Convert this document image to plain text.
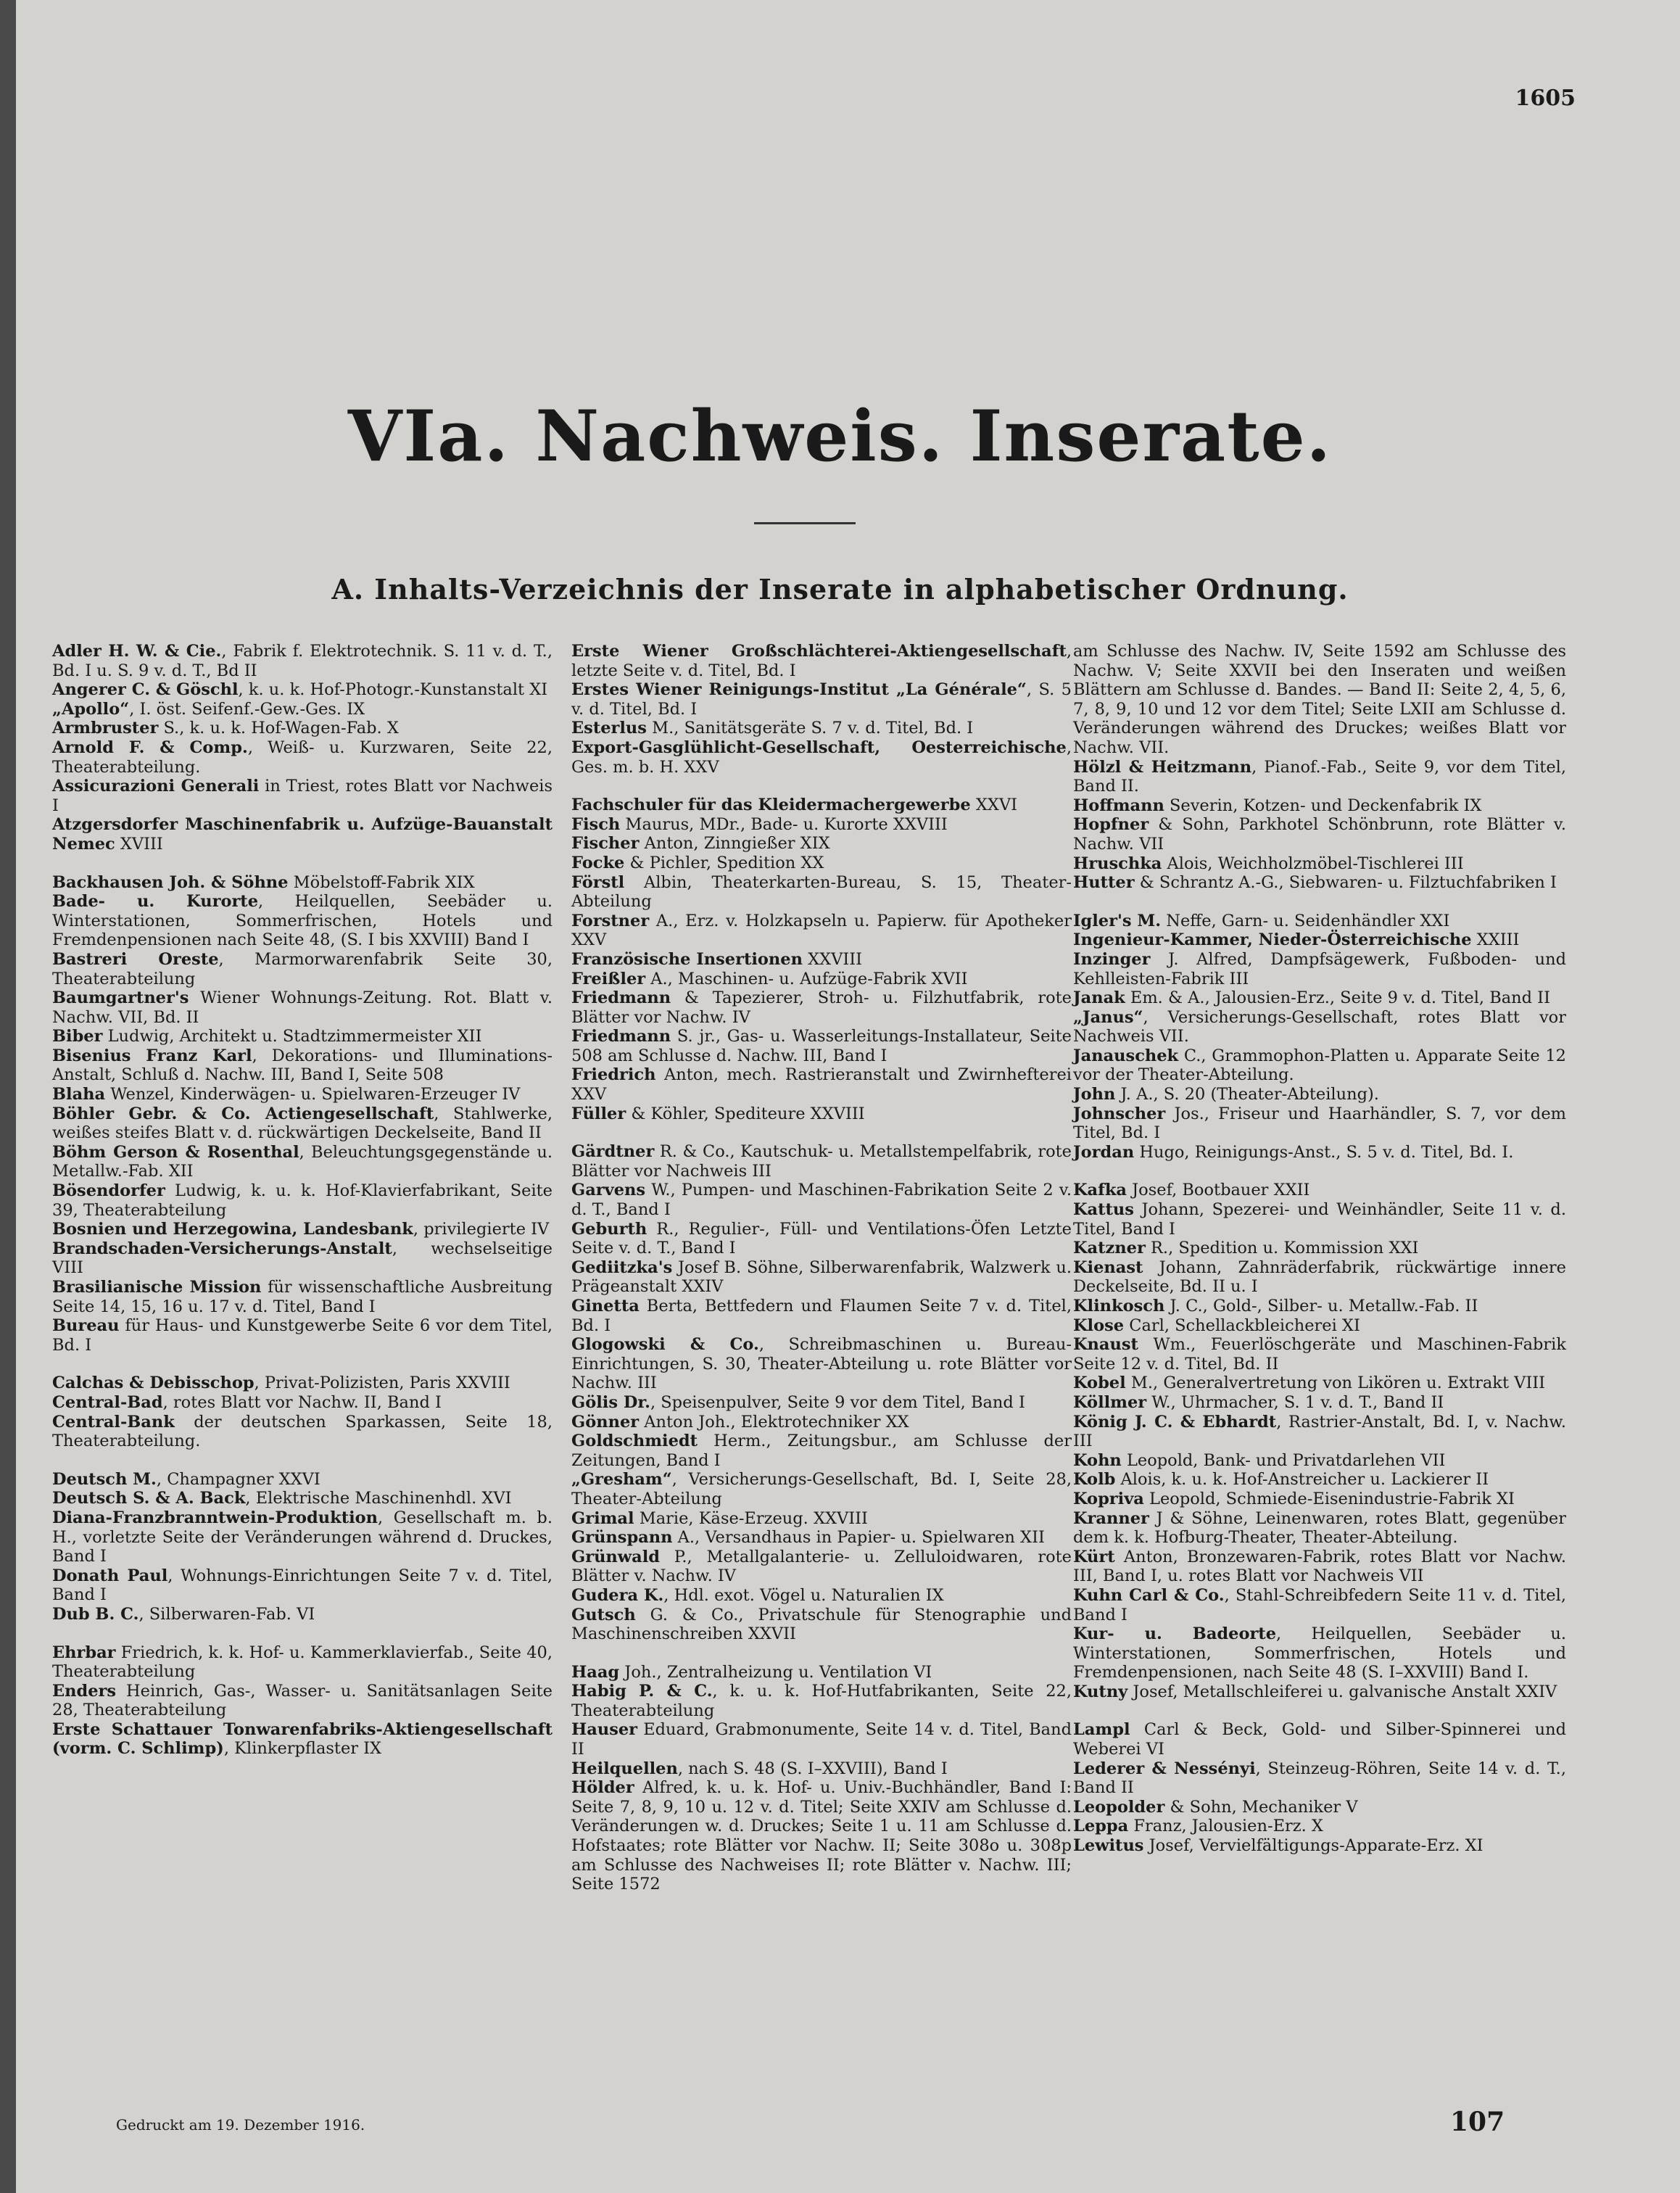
1605
VIa. Nachweis. Inserate.
A. Inhalts-Verzeichnis der Inserate in alphabetischer Ordnung.

Adler H. W. & Cie., Fabrik f. Elektrotechnik. S. 11 v. d. T., Bd. I u. S. 9 v. d. T., Bd II

Angerer C. & Göschl, k. u. k. Hof-Photogr.-Kunstanstalt XI

„Apollo“, I. öst. Seifenf.-Gew.-Ges. IX

Armbruster S., k. u. k. Hof-Wagen-Fab. X

Arnold F. & Comp., Weiß- u. Kurzwaren, Seite 22, Theaterabteilung.

Assicurazioni Generali in Triest, rotes Blatt vor Nachweis I

Atzgersdorfer Maschinenfabrik u. Aufzüge-Bauanstalt Nemec XVIII

Backhausen Joh. & Söhne Möbelstoff-Fabrik XIX

Bade- u. Kurorte, Heilquellen, Seebäder u. Winterstationen, Sommerfrischen, Hotels und Fremdenpensionen nach Seite 48, (S. I bis XXVIII) Band I

Bastreri Oreste, Marmorwarenfabrik Seite 30, Theaterabteilung

Baumgartner's Wiener Wohnungs-Zeitung. Rot. Blatt v. Nachw. VII, Bd. II

Biber Ludwig, Architekt u. Stadtzimmermeister XII

Bisenius Franz Karl, Dekorations- und Illuminations-Anstalt, Schluß d. Nachw. III, Band I, Seite 508

Blaha Wenzel, Kinderwägen- u. Spielwaren-Erzeuger IV

Böhler Gebr. & Co. Actiengesellschaft, Stahlwerke, weißes steifes Blatt v. d. rückwärtigen Deckelseite, Band II

Böhm Gerson & Rosenthal, Beleuchtungsgegenstände u. Metallw.-Fab. XII

Bösendorfer Ludwig, k. u. k. Hof-Klavierfabrikant, Seite 39, Theaterabteilung

Bosnien und Herzegowina, Landesbank, privilegierte IV

Brandschaden-Versicherungs-Anstalt, wechselseitige VIII

Brasilianische Mission für wissenschaftliche Ausbreitung Seite 14, 15, 16 u. 17 v. d. Titel, Band I

Bureau für Haus- und Kunstgewerbe Seite 6 vor dem Titel, Bd. I

Calchas & Debisschop, Privat-Polizisten, Paris XXVIII

Central-Bad, rotes Blatt vor Nachw. II, Band I

Central-Bank der deutschen Sparkassen, Seite 18, Theaterabteilung.

Deutsch M., Champagner XXVI

Deutsch S. & A. Back, Elektrische Maschinenhdl. XVI

Diana-Franzbranntwein-Produktion, Gesellschaft m. b. H., vorletzte Seite der Veränderungen während d. Druckes, Band I

Donath Paul, Wohnungs-Einrichtungen Seite 7 v. d. Titel, Band I

Dub B. C., Silberwaren-Fab. VI

Ehrbar Friedrich, k. k. Hof- u. Kammerklavierfab., Seite 40, Theaterabteilung

Enders Heinrich, Gas-, Wasser- u. Sanitätsanlagen Seite 28, Theaterabteilung

Erste Schattauer Tonwarenfabriks-Aktiengesellschaft (vorm. C. Schlimp), Klinkerpflaster IX

Erste Wiener Großschlächterei-Aktiengesellschaft, letzte Seite v. d. Titel, Bd. I

Erstes Wiener Reinigungs-Institut „La Générale“, S. 5 v. d. Titel, Bd. I

Esterlus M., Sanitätsgeräte S. 7 v. d. Titel, Bd. I

Export-Gasglühlicht-Gesellschaft, Oesterreichische, Ges. m. b. H. XXV

Fachschuler für das Kleidermachergewerbe XXVI

Fisch Maurus, MDr., Bade- u. Kurorte XXVIII

Fischer Anton, Zinngießer XIX

Focke & Pichler, Spedition XX

Förstl Albin, Theaterkarten-Bureau, S. 15, Theater-Abteilung

Forstner A., Erz. v. Holzkapseln u. Papierw. für Apotheker XXV

Französische Insertionen XXVIII

Freißler A., Maschinen- u. Aufzüge-Fabrik XVII

Friedmann & Tapezierer, Stroh- u. Filzhutfabrik, rote Blätter vor Nachw. IV

Friedmann S. jr., Gas- u. Wasserleitungs-Installateur, Seite 508 am Schlusse d. Nachw. III, Band I

Friedrich Anton, mech. Rastrieranstalt und Zwirnhefterei XXV

Füller & Köhler, Spediteure XXVIII

Gärdtner R. & Co., Kautschuk- u. Metallstempelfabrik, rote Blätter vor Nachweis III

Garvens W., Pumpen- und Maschinen-Fabrikation Seite 2 v. d. T., Band I

Geburth R., Regulier-, Füll- und Ventilations-Öfen Letzte Seite v. d. T., Band I

Gediitzka's Josef B. Söhne, Silberwarenfabrik, Walzwerk u. Prägeanstalt XXIV

Ginetta Berta, Bettfedern und Flaumen Seite 7 v. d. Titel, Bd. I

Glogowski & Co., Schreibmaschinen u. Bureau-Einrichtungen, S. 30, Theater-Abteilung u. rote Blätter vor Nachw. III

Gölis Dr., Speisenpulver, Seite 9 vor dem Titel, Band I

Gönner Anton Joh., Elektrotechniker XX

Goldschmiedt Herm., Zeitungsbur., am Schlusse der Zeitungen, Band I

„Gresham“, Versicherungs-Gesellschaft, Bd. I, Seite 28, Theater-Abteilung

Grimal Marie, Käse-Erzeug. XXVIII

Grünspann A., Versandhaus in Papier- u. Spielwaren XII

Grünwald P., Metallgalanterie- u. Zelluloidwaren, rote Blätter v. Nachw. IV

Gudera K., Hdl. exot. Vögel u. Naturalien IX

Gutsch G. & Co., Privatschule für Stenographie und Maschinenschreiben XXVII

Haag Joh., Zentralheizung u. Ventilation VI

Habig P. & C., k. u. k. Hof-Hutfabrikanten, Seite 22, Theaterabteilung

Hauser Eduard, Grabmonumente, Seite 14 v. d. Titel, Band II

Heilquellen, nach S. 48 (S. I–XXVIII), Band I

Hölder Alfred, k. u. k. Hof- u. Univ.-Buchhändler, Band I: Seite 7, 8, 9, 10 u. 12 v. d. Titel; Seite XXIV am Schlusse d. Veränderungen w. d. Druckes; Seite 1 u. 11 am Schlusse d. Hofstaates; rote Blätter vor Nachw. II; Seite 308o u. 308p am Schlusse des Nachweises II; rote Blätter v. Nachw. III; Seite 1572

am Schlusse des Nachw. IV, Seite 1592 am Schlusse des Nachw. V; Seite XXVII bei den Inseraten und weißen Blättern am Schlusse d. Bandes. — Band II: Seite 2, 4, 5, 6, 7, 8, 9, 10 und 12 vor dem Titel; Seite LXII am Schlusse d. Veränderungen während des Druckes; weißes Blatt vor Nachw. VII.

Hölzl & Heitzmann, Pianof.-Fab., Seite 9, vor dem Titel, Band II.

Hoffmann Severin, Kotzen- und Deckenfabrik IX

Hopfner & Sohn, Parkhotel Schönbrunn, rote Blätter v. Nachw. VII

Hruschka Alois, Weichholzmöbel-Tischlerei III

Hutter & Schrantz A.-G., Siebwaren- u. Filztuchfabriken I

Igler's M. Neffe, Garn- u. Seidenhändler XXI

Ingenieur-Kammer, Nieder-Österreichische XXIII

Inzinger J. Alfred, Dampfsägewerk, Fußboden- und Kehlleisten-Fabrik III

Janak Em. & A., Jalousien-Erz., Seite 9 v. d. Titel, Band II

„Janus“, Versicherungs-Gesellschaft, rotes Blatt vor Nachweis VII.

Janauschek C., Grammophon-Platten u. Apparate Seite 12 vor der Theater-Abteilung.

John J. A., S. 20 (Theater-Abteilung).

Johnscher Jos., Friseur und Haarhändler, S. 7, vor dem Titel, Bd. I

Jordan Hugo, Reinigungs-Anst., S. 5 v. d. Titel, Bd. I.

Kafka Josef, Bootbauer XXII

Kattus Johann, Spezerei- und Weinhändler, Seite 11 v. d. Titel, Band I

Katzner R., Spedition u. Kommission XXI

Kienast Johann, Zahnräderfabrik, rückwärtige innere Deckelseite, Bd. II u. I

Klinkosch J. C., Gold-, Silber- u. Metallw.-Fab. II

Klose Carl, Schellackbleicherei XI

Knaust Wm., Feuerlöschgeräte und Maschinen-Fabrik Seite 12 v. d. Titel, Bd. II

Kobel M., Generalvertretung von Likören u. Extrakt VIII

Köllmer W., Uhrmacher, S. 1 v. d. T., Band II

König J. C. & Ebhardt, Rastrier-Anstalt, Bd. I, v. Nachw. III

Kohn Leopold, Bank- und Privatdarlehen VII

Kolb Alois, k. u. k. Hof-Anstreicher u. Lackierer II

Kopriva Leopold, Schmiede-Eisenindustrie-Fabrik XI

Kranner J & Söhne, Leinenwaren, rotes Blatt, gegenüber dem k. k. Hofburg-Theater, Theater-Abteilung.

Kürt Anton, Bronzewaren-Fabrik, rotes Blatt vor Nachw. III, Band I, u. rotes Blatt vor Nachweis VII

Kuhn Carl & Co., Stahl-Schreibfedern Seite 11 v. d. Titel, Band I

Kur- u. Badeorte, Heilquellen, Seebäder u. Winterstationen, Sommerfrischen, Hotels und Fremdenpensionen, nach Seite 48 (S. I–XXVIII) Band I.

Kutny Josef, Metallschleiferei u. galvanische Anstalt XXIV

Lampl Carl & Beck, Gold- und Silber-Spinnerei und Weberei VI

Lederer & Nessényi, Steinzeug-Röhren, Seite 14 v. d. T., Band II

Leopolder & Sohn, Mechaniker V

Leppa Franz, Jalousien-Erz. X

Lewitus Josef, Vervielfältigungs-Apparate-Erz. XI

Gedruckt am 19. Dezember 1916.	107
